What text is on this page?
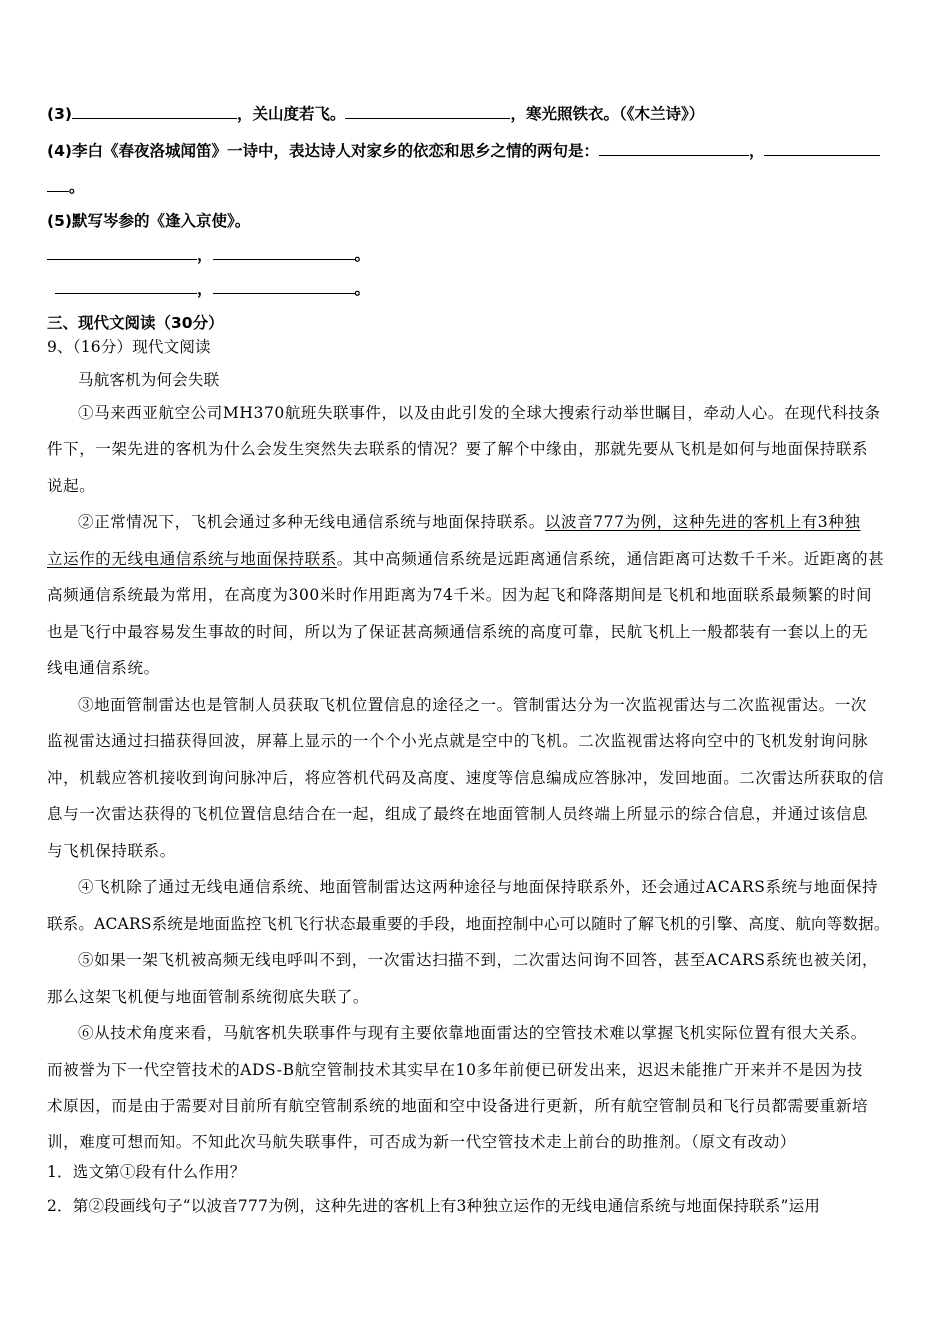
(3)	，关山度若飞。	，寒光照铁衣。（《木兰诗》）
(4)李白《春夜洛城闻笛》一诗中，表达诗人对家乡的依恋和思乡之情的两句是：	，
。
(5)默写岑参的《逢入京使》。
，	。
，	。
三、现代文阅读（30分）
9、（16分）现代文阅读
马航客机为何会失联
①马来西亚航空公司MH370航班失联事件，以及由此引发的全球大搜索行动举世瞩目，牵动人心。在现代科技条
件下，一架先进的客机为什么会发生突然失去联系的情况？要了解个中缘由，那就先要从飞机是如何与地面保持联系
说起。
②正常情况下，飞机会通过多种无线电通信系统与地面保持联系。以波音777为例，这种先进的客机上有3种独
立运作的无线电通信系统与地面保持联系。其中高频通信系统是远距离通信系统，通信距离可达数千千米。近距离的甚
高频通信系统最为常用，在高度为300米时作用距离为74千米。因为起飞和降落期间是飞机和地面联系最频繁的时间
也是飞行中最容易发生事故的时间，所以为了保证甚高频通信系统的高度可靠，民航飞机上一般都装有一套以上的无
线电通信系统。
③地面管制雷达也是管制人员获取飞机位置信息的途径之一。管制雷达分为一次监视雷达与二次监视雷达。一次
监视雷达通过扫描获得回波，屏幕上显示的一个个小光点就是空中的飞机。二次监视雷达将向空中的飞机发射询问脉
冲，机载应答机接收到询问脉冲后，将应答机代码及高度、速度等信息编成应答脉冲，发回地面。二次雷达所获取的信
息与一次雷达获得的飞机位置信息结合在一起，组成了最终在地面管制人员终端上所显示的综合信息，并通过该信息
与飞机保持联系。
④飞机除了通过无线电通信系统、地面管制雷达这两种途径与地面保持联系外，还会通过ACARS系统与地面保持
联系。ACARS系统是地面监控飞机飞行状态最重要的手段，地面控制中心可以随时了解飞机的引擎、高度、航向等数据。
⑤如果一架飞机被高频无线电呼叫不到，一次雷达扫描不到，二次雷达问询不回答，甚至ACARS系统也被关闭，
那么这架飞机便与地面管制系统彻底失联了。
⑥从技术角度来看，马航客机失联事件与现有主要依靠地面雷达的空管技术难以掌握飞机实际位置有很大关系。
而被誉为下一代空管技术的ADS-B航空管制技术其实早在10多年前便已研发出来，迟迟未能推广开来并不是因为技
术原因，而是由于需要对目前所有航空管制系统的地面和空中设备进行更新，所有航空管制员和飞行员都需要重新培
训，难度可想而知。不知此次马航失联事件，可否成为新一代空管技术走上前台的助推剂。（原文有改动）
1．选文第①段有什么作用？
2．第②段画线句子“以波音777为例，这种先进的客机上有3种独立运作的无线电通信系统与地面保持联系”运用
